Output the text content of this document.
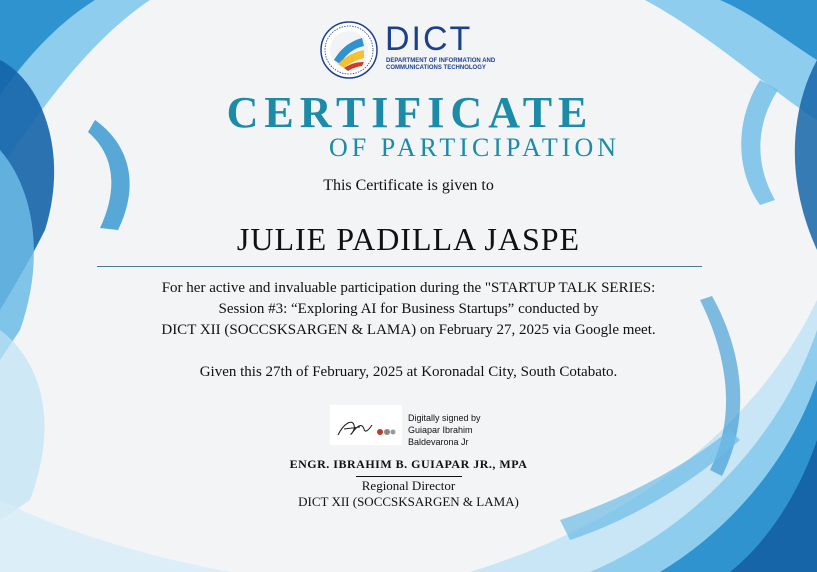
DICT
DEPARTMENT OF INFORMATION AND
COMMUNICATIONS TECHNOLOGY
CERTIFICATE
OF PARTICIPATION
This Certificate is given to
JULIE PADILLA JASPE
For her active and invaluable participation during the "STARTUP TALK SERIES:
Session #3: “Exploring AI for Business Startups” conducted by
DICT XII (SOCCSKSARGEN & LAMA) on February 27, 2025 via Google meet.
Given this 27th of February, 2025 at Koronadal City, South Cotabato.
Digitally signed by
Guiapar Ibrahim
Baldevarona Jr
ENGR. IBRAHIM B. GUIAPAR JR., MPA
Regional Director
DICT XII (SOCCSKSARGEN & LAMA)
